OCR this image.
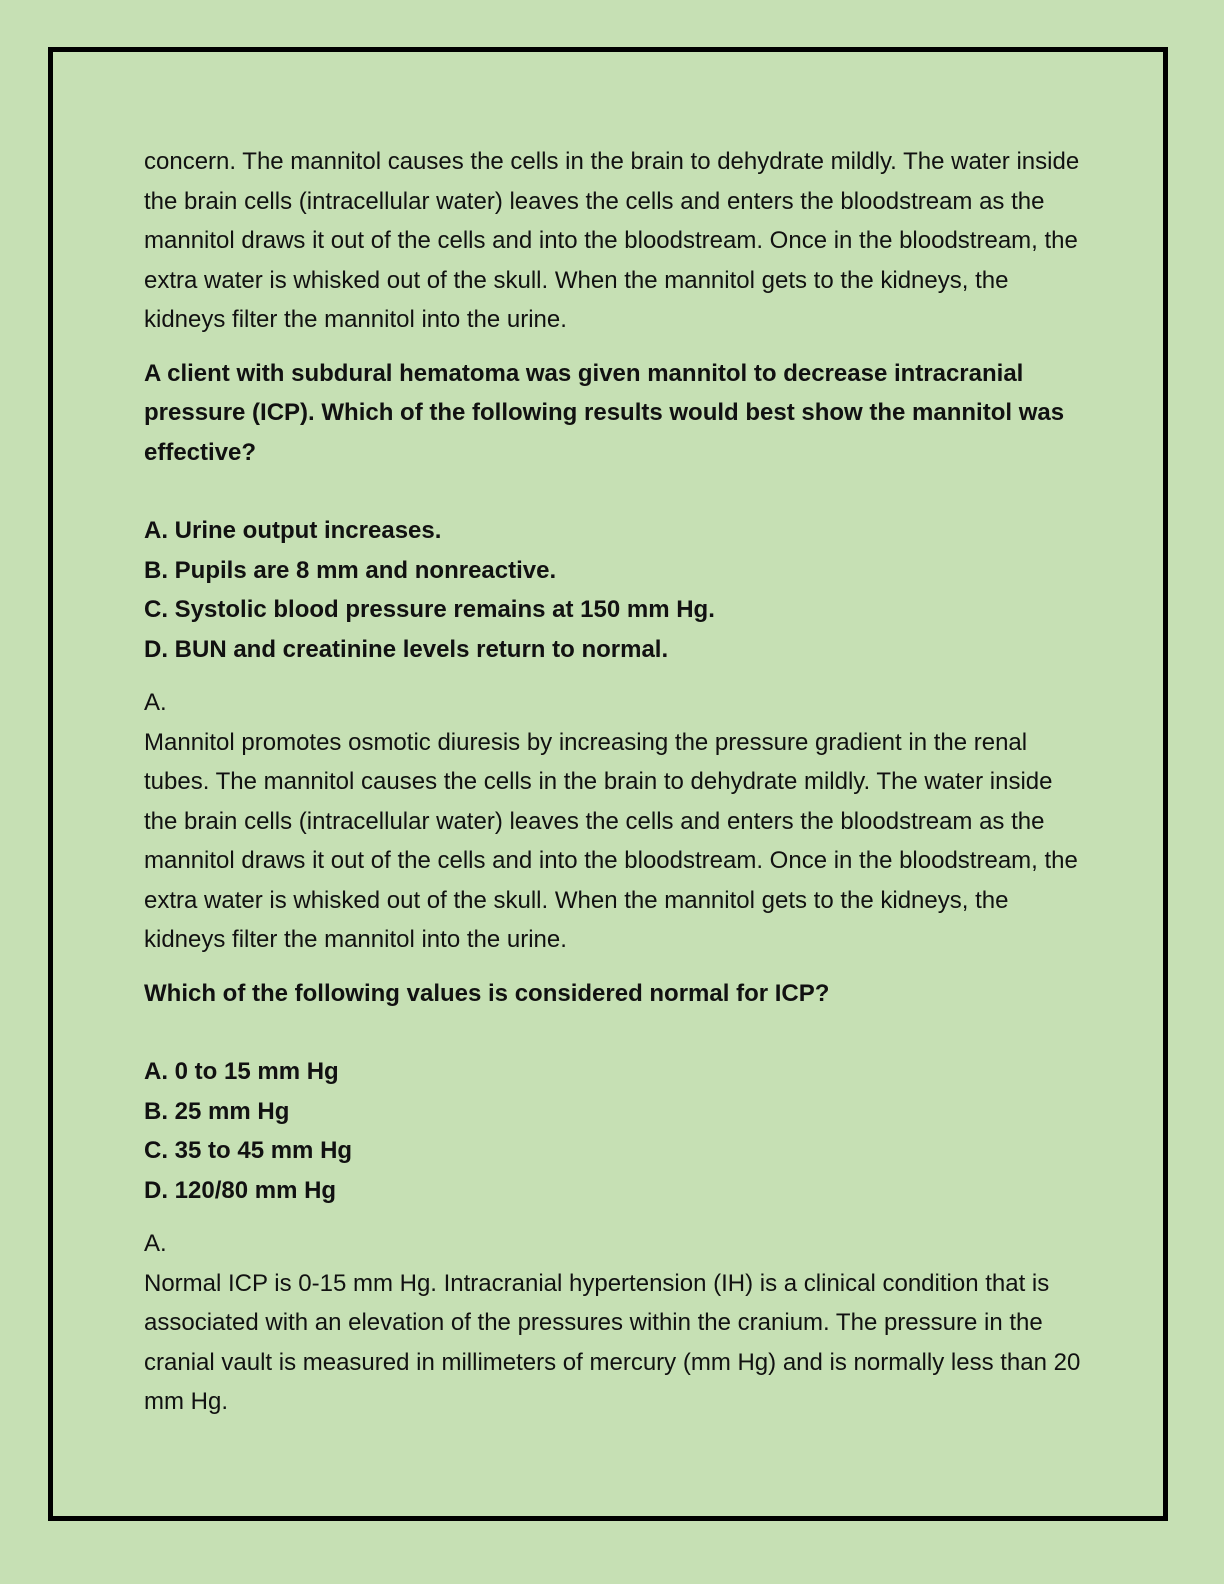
concern. The mannitol causes the cells in the brain to dehydrate mildly. The water inside the brain cells (intracellular water) leaves the cells and enters the bloodstream as the mannitol draws it out of the cells and into the bloodstream. Once in the bloodstream, the extra water is whisked out of the skull. When the mannitol gets to the kidneys, the kidneys filter the mannitol into the urine.

A client with subdural hematoma was given mannitol to decrease intracranial pressure (ICP). Which of the following results would best show the mannitol was effective?

A. Urine output increases.
B. Pupils are 8 mm and nonreactive.
C. Systolic blood pressure remains at 150 mm Hg.
D. BUN and creatinine levels return to normal.
A.
Mannitol promotes osmotic diuresis by increasing the pressure gradient in the renal tubes. The mannitol causes the cells in the brain to dehydrate mildly. The water inside the brain cells (intracellular water) leaves the cells and enters the bloodstream as the mannitol draws it out of the cells and into the bloodstream. Once in the bloodstream, the extra water is whisked out of the skull. When the mannitol gets to the kidneys, the kidneys filter the mannitol into the urine.

Which of the following values is considered normal for ICP?

A. 0 to 15 mm Hg
B. 25 mm Hg
C. 35 to 45 mm Hg
D. 120/80 mm Hg
A.
Normal ICP is 0-15 mm Hg. Intracranial hypertension (IH) is a clinical condition that is associated with an elevation of the pressures within the cranium. The pressure in the cranial vault is measured in millimeters of mercury (mm Hg) and is normally less than 20 mm Hg.
